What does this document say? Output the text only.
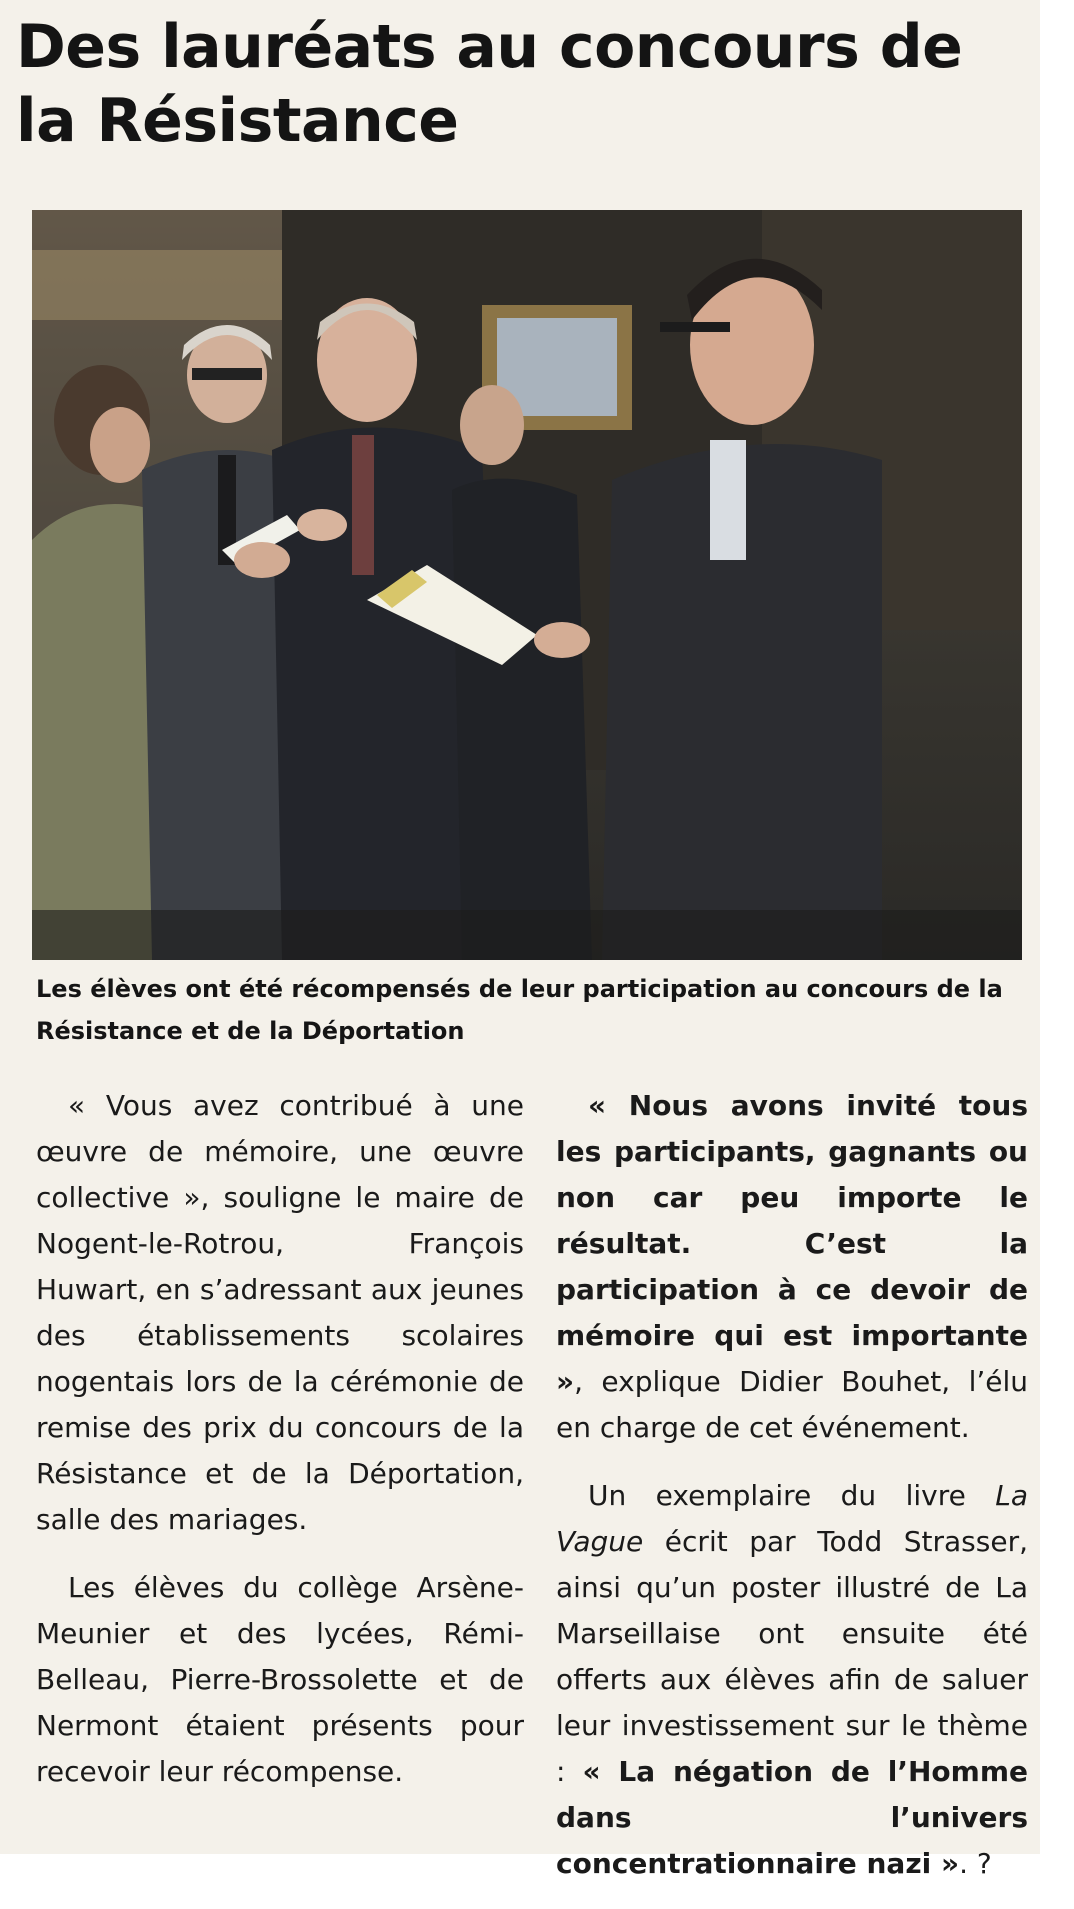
Des lauréats au concours de la Résistance

Les élèves ont été récompensés de leur participation au concours de la Résistance et de la Déportation

« Vous avez contribué à une œuvre de mémoire, une œuvre collective », souligne le maire de Nogent-le-Rotrou, François Huwart, en s’adressant aux jeunes des établissements scolaires nogentais lors de la cérémonie de remise des prix du concours de la Résistance et de la Déportation, salle des mariages.

Les élèves du collège Arsène-Meunier et des lycées, Rémi-Belleau, Pierre-Brossolette et de Nermont étaient présents pour recevoir leur récompense.

« Nous avons invité tous les participants, gagnants ou non car peu importe le résultat. C’est la participation à ce devoir de mémoire qui est importante », explique Didier Bouhet, l’élu en charge de cet événement.

Un exemplaire du livre La Vague écrit par Todd Strasser, ainsi qu’un poster illustré de La Marseillaise ont ensuite été offerts aux élèves afin de saluer leur investissement sur le thème : « La négation de l’Homme dans l’univers concentrationnaire nazi ». ?
